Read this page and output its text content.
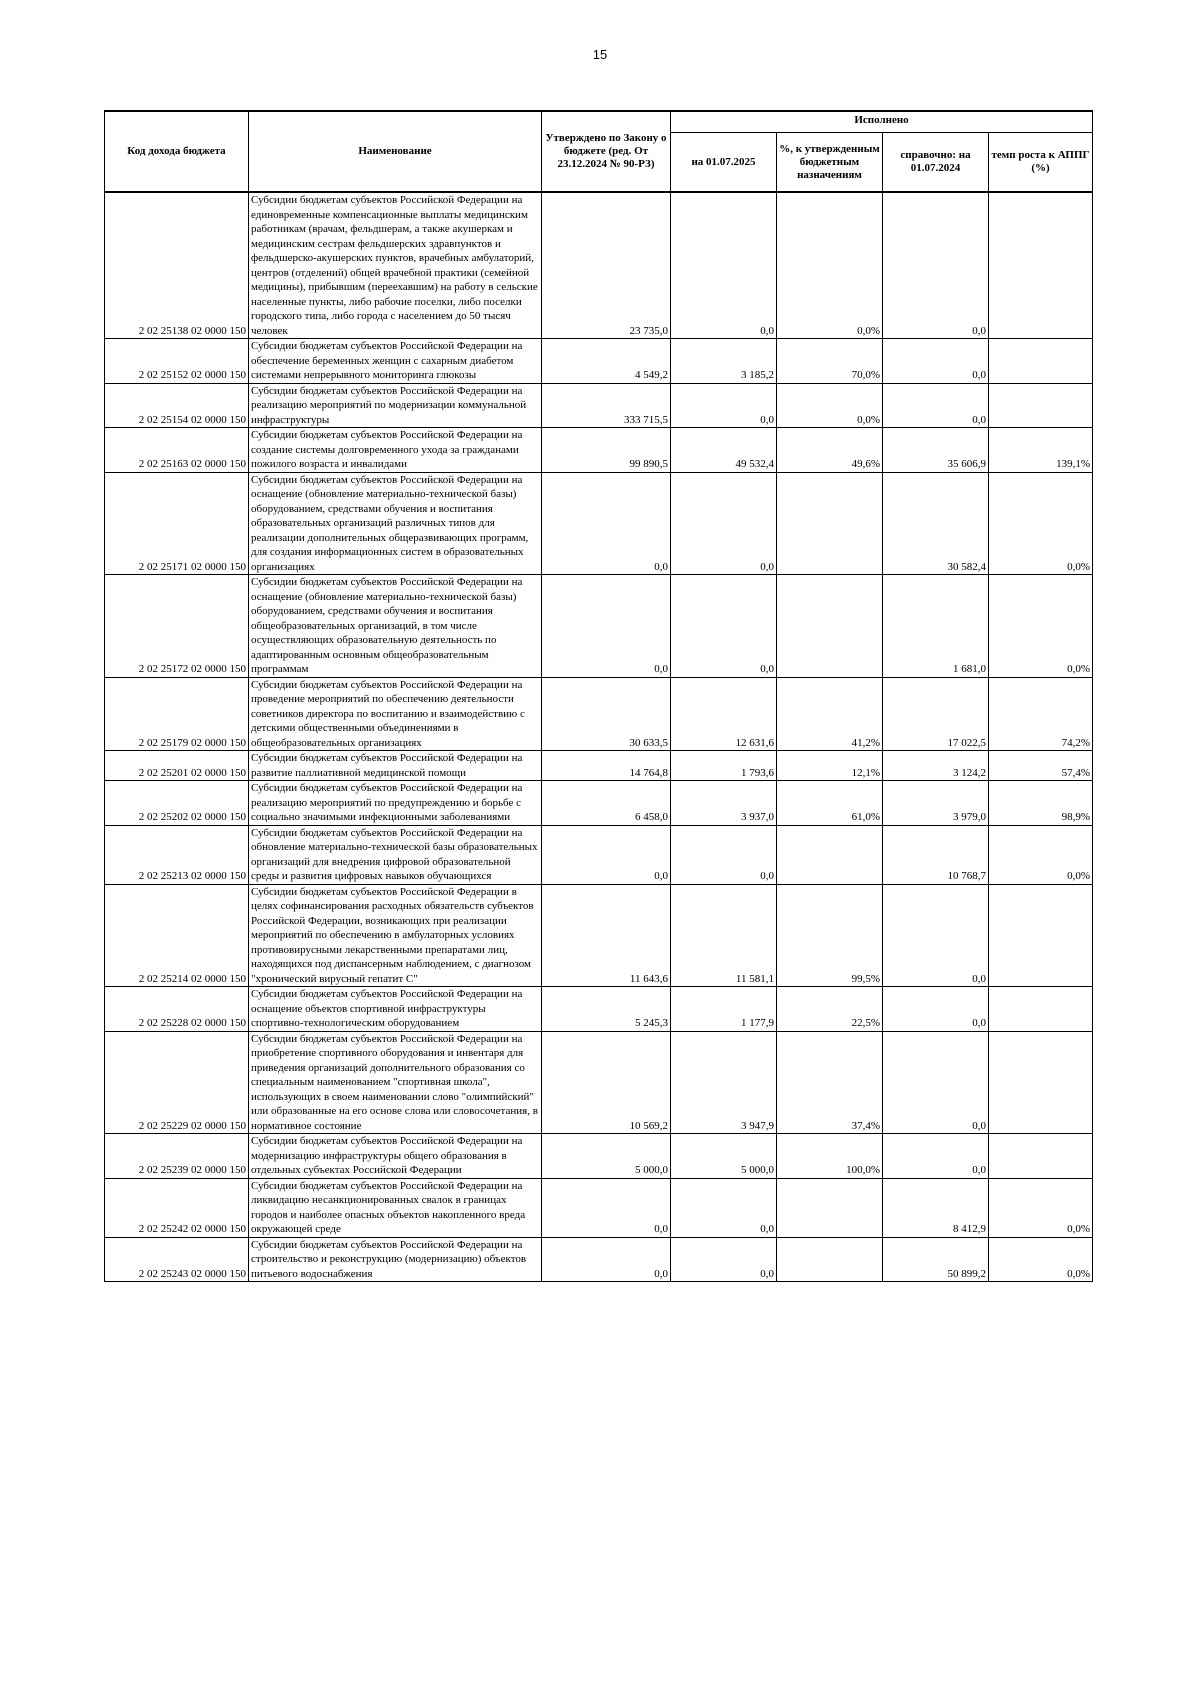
15
Код дохода бюджета	Наименование	Утверждено по Закону о бюджете (ред. От 23.12.2024 № 90-РЗ)	Исполнено			
			на 01.07.2025	%, к утвержденным бюджетным назначениям	справочно: на 01.07.2024	темп роста к АППГ (%)
2 02 25138 02 0000 150	Субсидии бюджетам субъектов Российской Федерации на единовременные компенсационные выплаты медицинским работникам (врачам, фельдшерам, а также акушеркам и медицинским сестрам фельдшерских здравпунктов и фельдшерско-акушерских пунктов, врачебных амбулаторий, центров (отделений) общей врачебной практики (семейной медицины), прибывшим (переехавшим) на работу в сельские населенные пункты, либо рабочие поселки, либо поселки городского типа, либо города с населением до 50 тысяч человек	23 735,0	0,0	0,0%	0,0	
2 02 25152 02 0000 150	Субсидии бюджетам субъектов Российской Федерации на обеспечение беременных женщин с сахарным диабетом системами непрерывного мониторинга глюкозы	4 549,2	3 185,2	70,0%	0,0	
2 02 25154 02 0000 150	Субсидии бюджетам субъектов Российской Федерации на реализацию мероприятий по модернизации коммунальной инфраструктуры	333 715,5	0,0	0,0%	0,0	
2 02 25163 02 0000 150	Субсидии бюджетам субъектов Российской Федерации на создание системы долговременного ухода за гражданами пожилого возраста и инвалидами	99 890,5	49 532,4	49,6%	35 606,9	139,1%
2 02 25171 02 0000 150	Субсидии бюджетам субъектов Российской Федерации на оснащение (обновление материально-технической базы) оборудованием, средствами обучения и воспитания образовательных организаций различных типов для реализации дополнительных общеразвивающих программ, для создания информационных систем в образовательных организациях	0,0	0,0		30 582,4	0,0%
2 02 25172 02 0000 150	Субсидии бюджетам субъектов Российской Федерации на оснащение (обновление материально-технической базы) оборудованием, средствами обучения и воспитания общеобразовательных организаций, в том числе осуществляющих образовательную деятельность по адаптированным основным общеобразовательным программам	0,0	0,0		1 681,0	0,0%
2 02 25179 02 0000 150	Субсидии бюджетам субъектов Российской Федерации на проведение мероприятий по обеспечению деятельности советников директора по воспитанию и взаимодействию с детскими общественными объединениями в общеобразовательных организациях	30 633,5	12 631,6	41,2%	17 022,5	74,2%
2 02 25201 02 0000 150	Субсидии бюджетам субъектов Российской Федерации на развитие паллиативной медицинской помощи	14 764,8	1 793,6	12,1%	3 124,2	57,4%
2 02 25202 02 0000 150	Субсидии бюджетам субъектов Российской Федерации на реализацию мероприятий по предупреждению и борьбе с социально значимыми инфекционными заболеваниями	6 458,0	3 937,0	61,0%	3 979,0	98,9%
2 02 25213 02 0000 150	Субсидии бюджетам субъектов Российской Федерации на обновление материально-технической базы образовательных организаций для внедрения цифровой образовательной среды и развития цифровых навыков обучающихся	0,0	0,0		10 768,7	0,0%
2 02 25214 02 0000 150	Субсидии бюджетам субъектов Российской Федерации в целях софинансирования расходных обязательств субъектов Российской Федерации, возникающих при реализации мероприятий по обеспечению в амбулаторных условиях противовирусными лекарственными препаратами лиц, находящихся под диспансерным наблюдением, с диагнозом "хронический вирусный гепатит С"	11 643,6	11 581,1	99,5%	0,0	
2 02 25228 02 0000 150	Субсидии бюджетам субъектов Российской Федерации на оснащение объектов спортивной инфраструктуры спортивно-технологическим оборудованием	5 245,3	1 177,9	22,5%	0,0	
2 02 25229 02 0000 150	Субсидии бюджетам субъектов Российской Федерации на приобретение спортивного оборудования и инвентаря для приведения организаций дополнительного образования со специальным наименованием "спортивная школа", использующих в своем наименовании слово "олимпийский" или образованные на его основе слова или словосочетания, в нормативное состояние	10 569,2	3 947,9	37,4%	0,0	
2 02 25239 02 0000 150	Субсидии бюджетам субъектов Российской Федерации на модернизацию инфраструктуры общего образования в отдельных субъектах Российской Федерации	5 000,0	5 000,0	100,0%	0,0	
2 02 25242 02 0000 150	Субсидии бюджетам субъектов Российской Федерации на ликвидацию несанкционированных свалок в границах городов и наиболее опасных объектов накопленного вреда окружающей среде	0,0	0,0		8 412,9	0,0%
2 02 25243 02 0000 150	Субсидии бюджетам субъектов Российской Федерации на строительство и реконструкцию (модернизацию) объектов питьевого водоснабжения	0,0	0,0		50 899,2	0,0%
